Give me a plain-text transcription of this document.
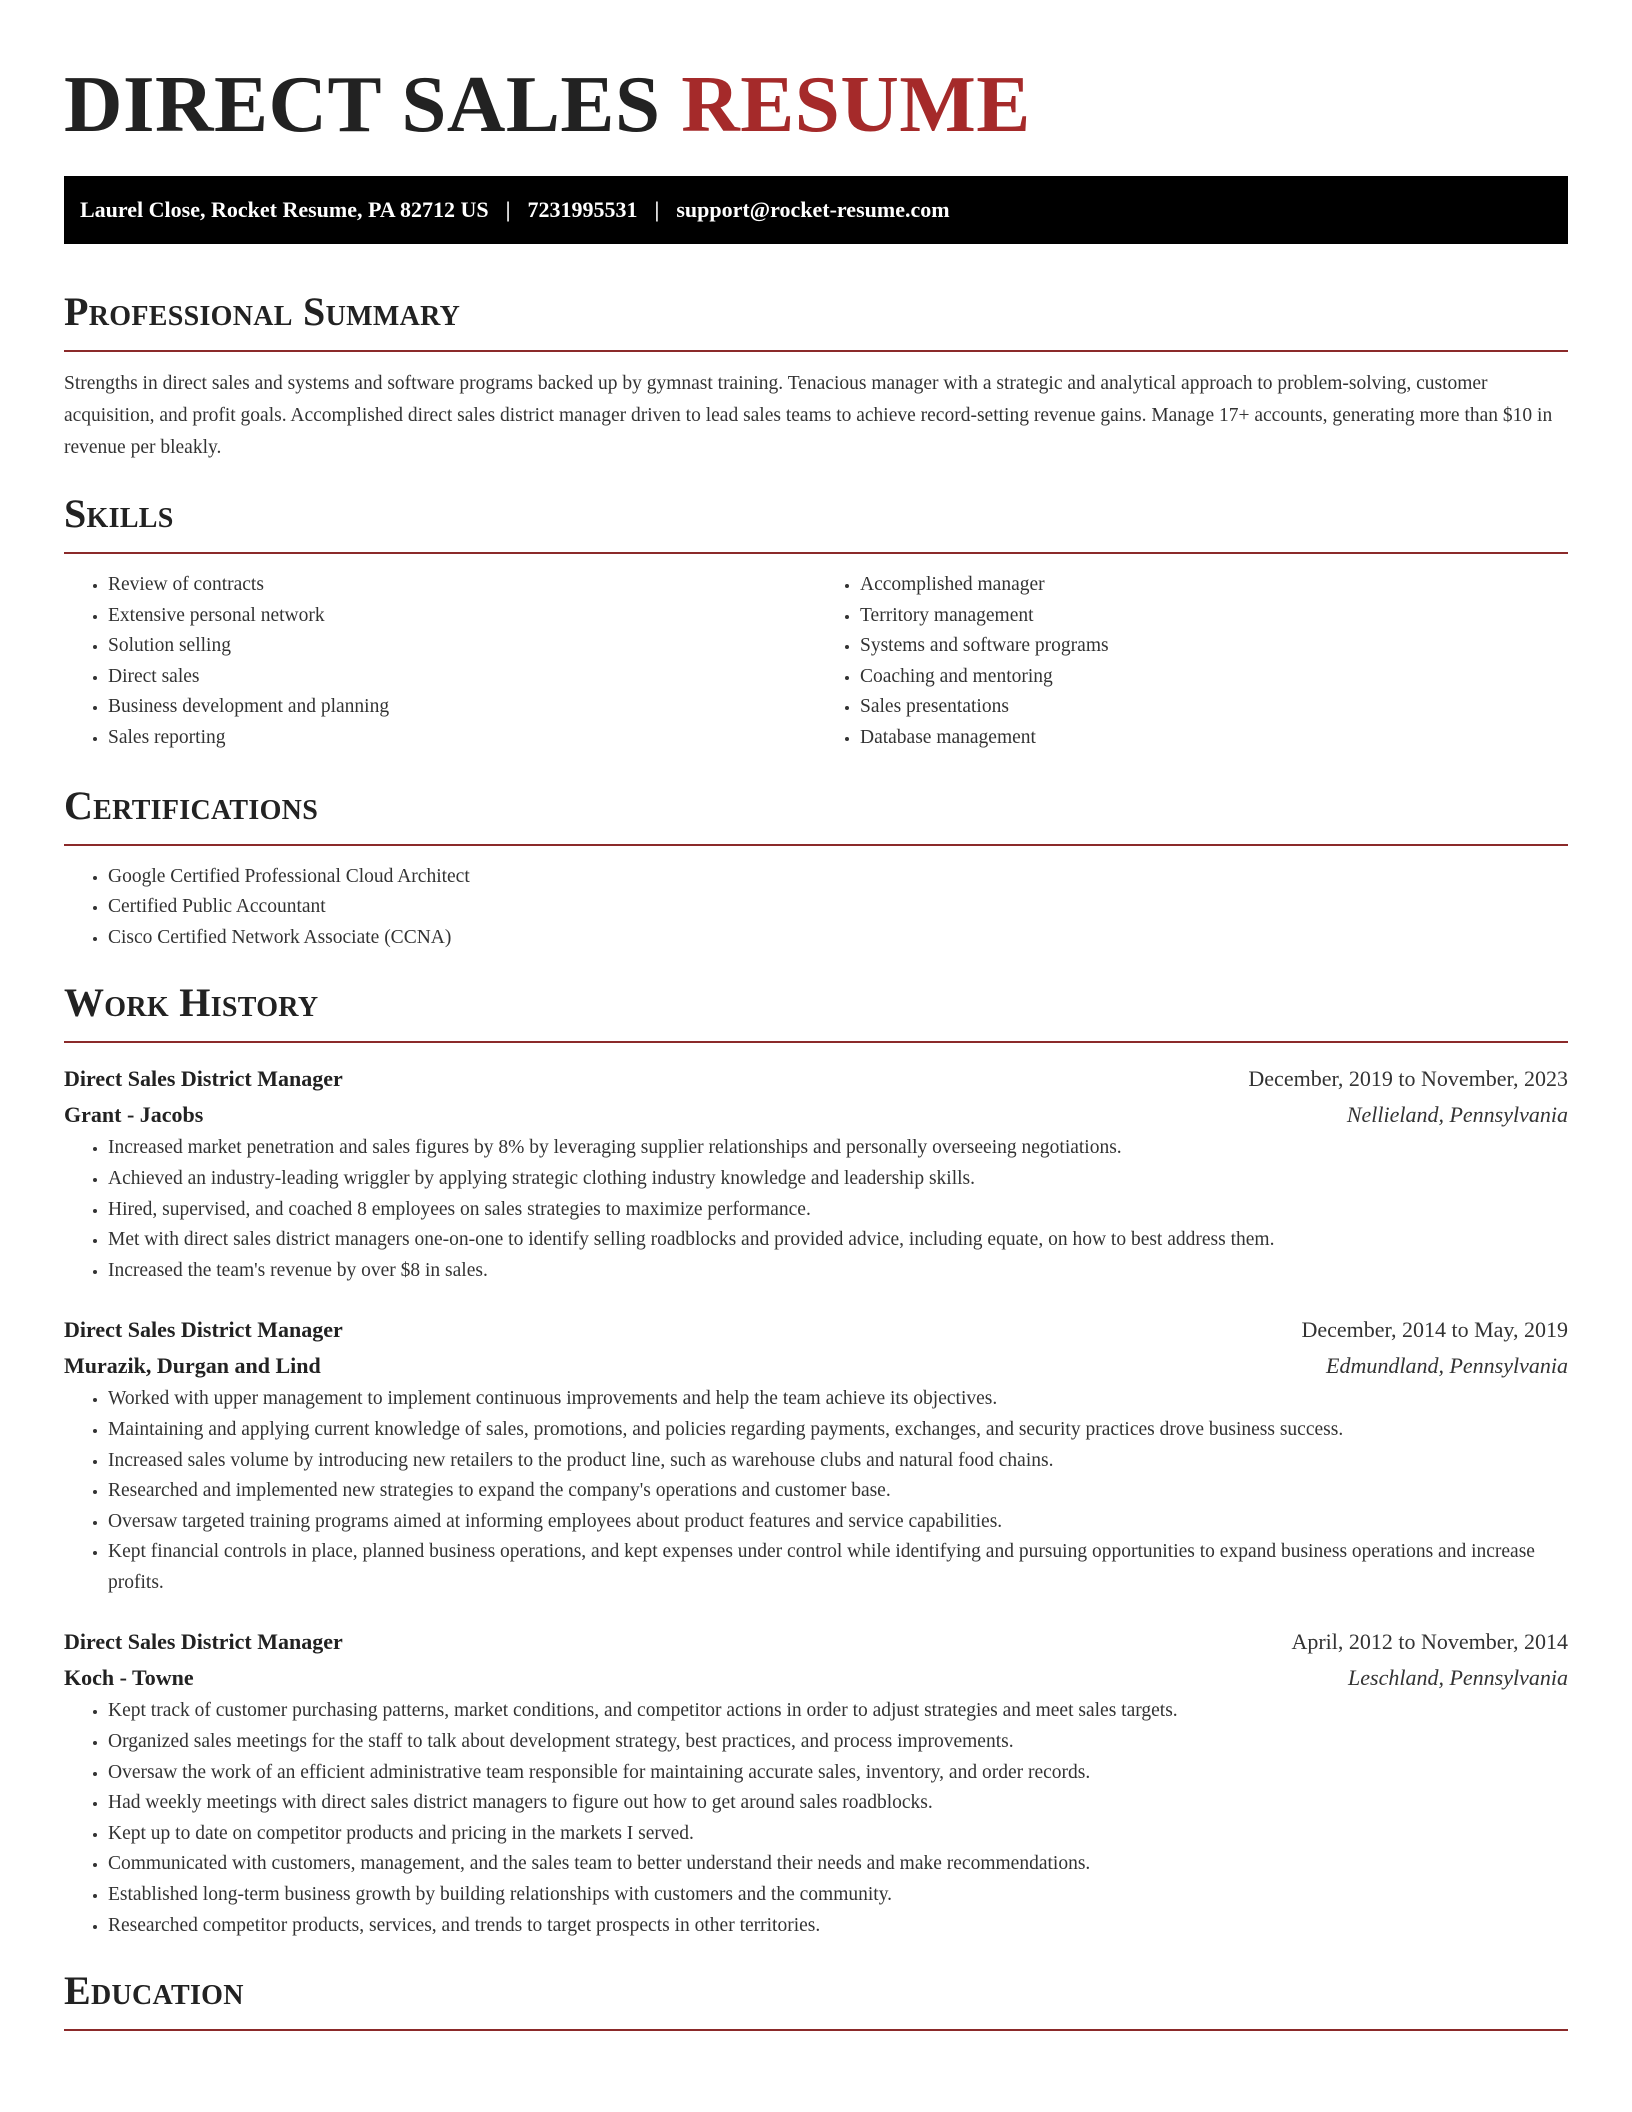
DIRECT SALES RESUME
Laurel Close, Rocket Resume, PA 82712 US | 7231995531 | support@rocket-resume.com
Professional Summary

Strengths in direct sales and systems and software programs backed up by gymnast training. Tenacious manager with a strategic and analytical approach to problem-solving, customer acquisition, and profit goals. Accomplished direct sales district manager driven to lead sales teams to achieve record-setting revenue gains. Manage 17+ accounts, generating more than $10 in revenue per bleakly.

Skills
• Review of contracts
• Extensive personal network
• Solution selling
• Direct sales
• Business development and planning
• Sales reporting
• Accomplished manager
• Territory management
• Systems and software programs
• Coaching and mentoring
• Sales presentations
• Database management
Certifications
• Google Certified Professional Cloud Architect
• Certified Public Accountant
• Cisco Certified Network Associate (CCNA)
Work History
Direct Sales District Manager	December, 2019 to November, 2023
Grant - Jacobs	Nellieland, Pennsylvania
• Increased market penetration and sales figures by 8% by leveraging supplier relationships and personally overseeing negotiations.
• Achieved an industry-leading wriggler by applying strategic clothing industry knowledge and leadership skills.
• Hired, supervised, and coached 8 employees on sales strategies to maximize performance.
• Met with direct sales district managers one-on-one to identify selling roadblocks and provided advice, including equate, on how to best address them.
• Increased the team's revenue by over $8 in sales.
Direct Sales District Manager	December, 2014 to May, 2019
Murazik, Durgan and Lind	Edmundland, Pennsylvania
• Worked with upper management to implement continuous improvements and help the team achieve its objectives.
• Maintaining and applying current knowledge of sales, promotions, and policies regarding payments, exchanges, and security practices drove business success.
• Increased sales volume by introducing new retailers to the product line, such as warehouse clubs and natural food chains.
• Researched and implemented new strategies to expand the company's operations and customer base.
• Oversaw targeted training programs aimed at informing employees about product features and service capabilities.
• Kept financial controls in place, planned business operations, and kept expenses under control while identifying and pursuing opportunities to expand business operations and increase profits.
Direct Sales District Manager	April, 2012 to November, 2014
Koch - Towne	Leschland, Pennsylvania
• Kept track of customer purchasing patterns, market conditions, and competitor actions in order to adjust strategies and meet sales targets.
• Organized sales meetings for the staff to talk about development strategy, best practices, and process improvements.
• Oversaw the work of an efficient administrative team responsible for maintaining accurate sales, inventory, and order records.
• Had weekly meetings with direct sales district managers to figure out how to get around sales roadblocks.
• Kept up to date on competitor products and pricing in the markets I served.
• Communicated with customers, management, and the sales team to better understand their needs and make recommendations.
• Established long-term business growth by building relationships with customers and the community.
• Researched competitor products, services, and trends to target prospects in other territories.
Education
